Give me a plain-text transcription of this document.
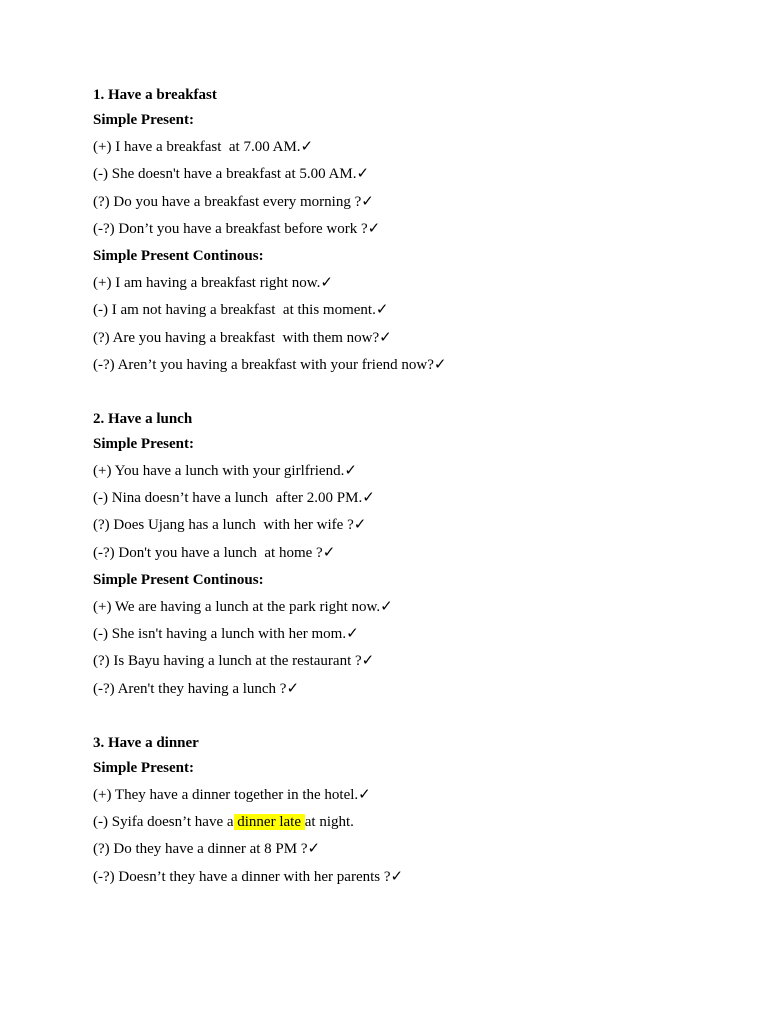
1. Have a breakfast
Simple Present:
(+) I have a breakfast  at 7.00 AM.✓
(-) She doesn't have a breakfast at 5.00 AM.✓
(?) Do you have a breakfast every morning ?✓
(-?) Don’t you have a breakfast before work ?✓
Simple Present Continous:
(+) I am having a breakfast right now.✓
(-) I am not having a breakfast  at this moment.✓
(?) Are you having a breakfast  with them now?✓
(-?) Aren’t you having a breakfast with your friend now?✓
2. Have a lunch
Simple Present:
(+) You have a lunch with your girlfriend.✓
(-) Nina doesn’t have a lunch  after 2.00 PM.✓
(?) Does Ujang has a lunch  with her wife ?✓
(-?) Don't you have a lunch  at home ?✓
Simple Present Continous:
(+) We are having a lunch at the park right now.✓
(-) She isn't having a lunch with her mom.✓
(?) Is Bayu having a lunch at the restaurant ?✓
(-?) Aren't they having a lunch ?✓
3. Have a dinner
Simple Present:
(+) They have a dinner together in the hotel.✓
(-) Syifa doesn’t have a dinner late at night.
(?) Do they have a dinner at 8 PM ?✓
(-?) Doesn’t they have a dinner with her parents ?✓
